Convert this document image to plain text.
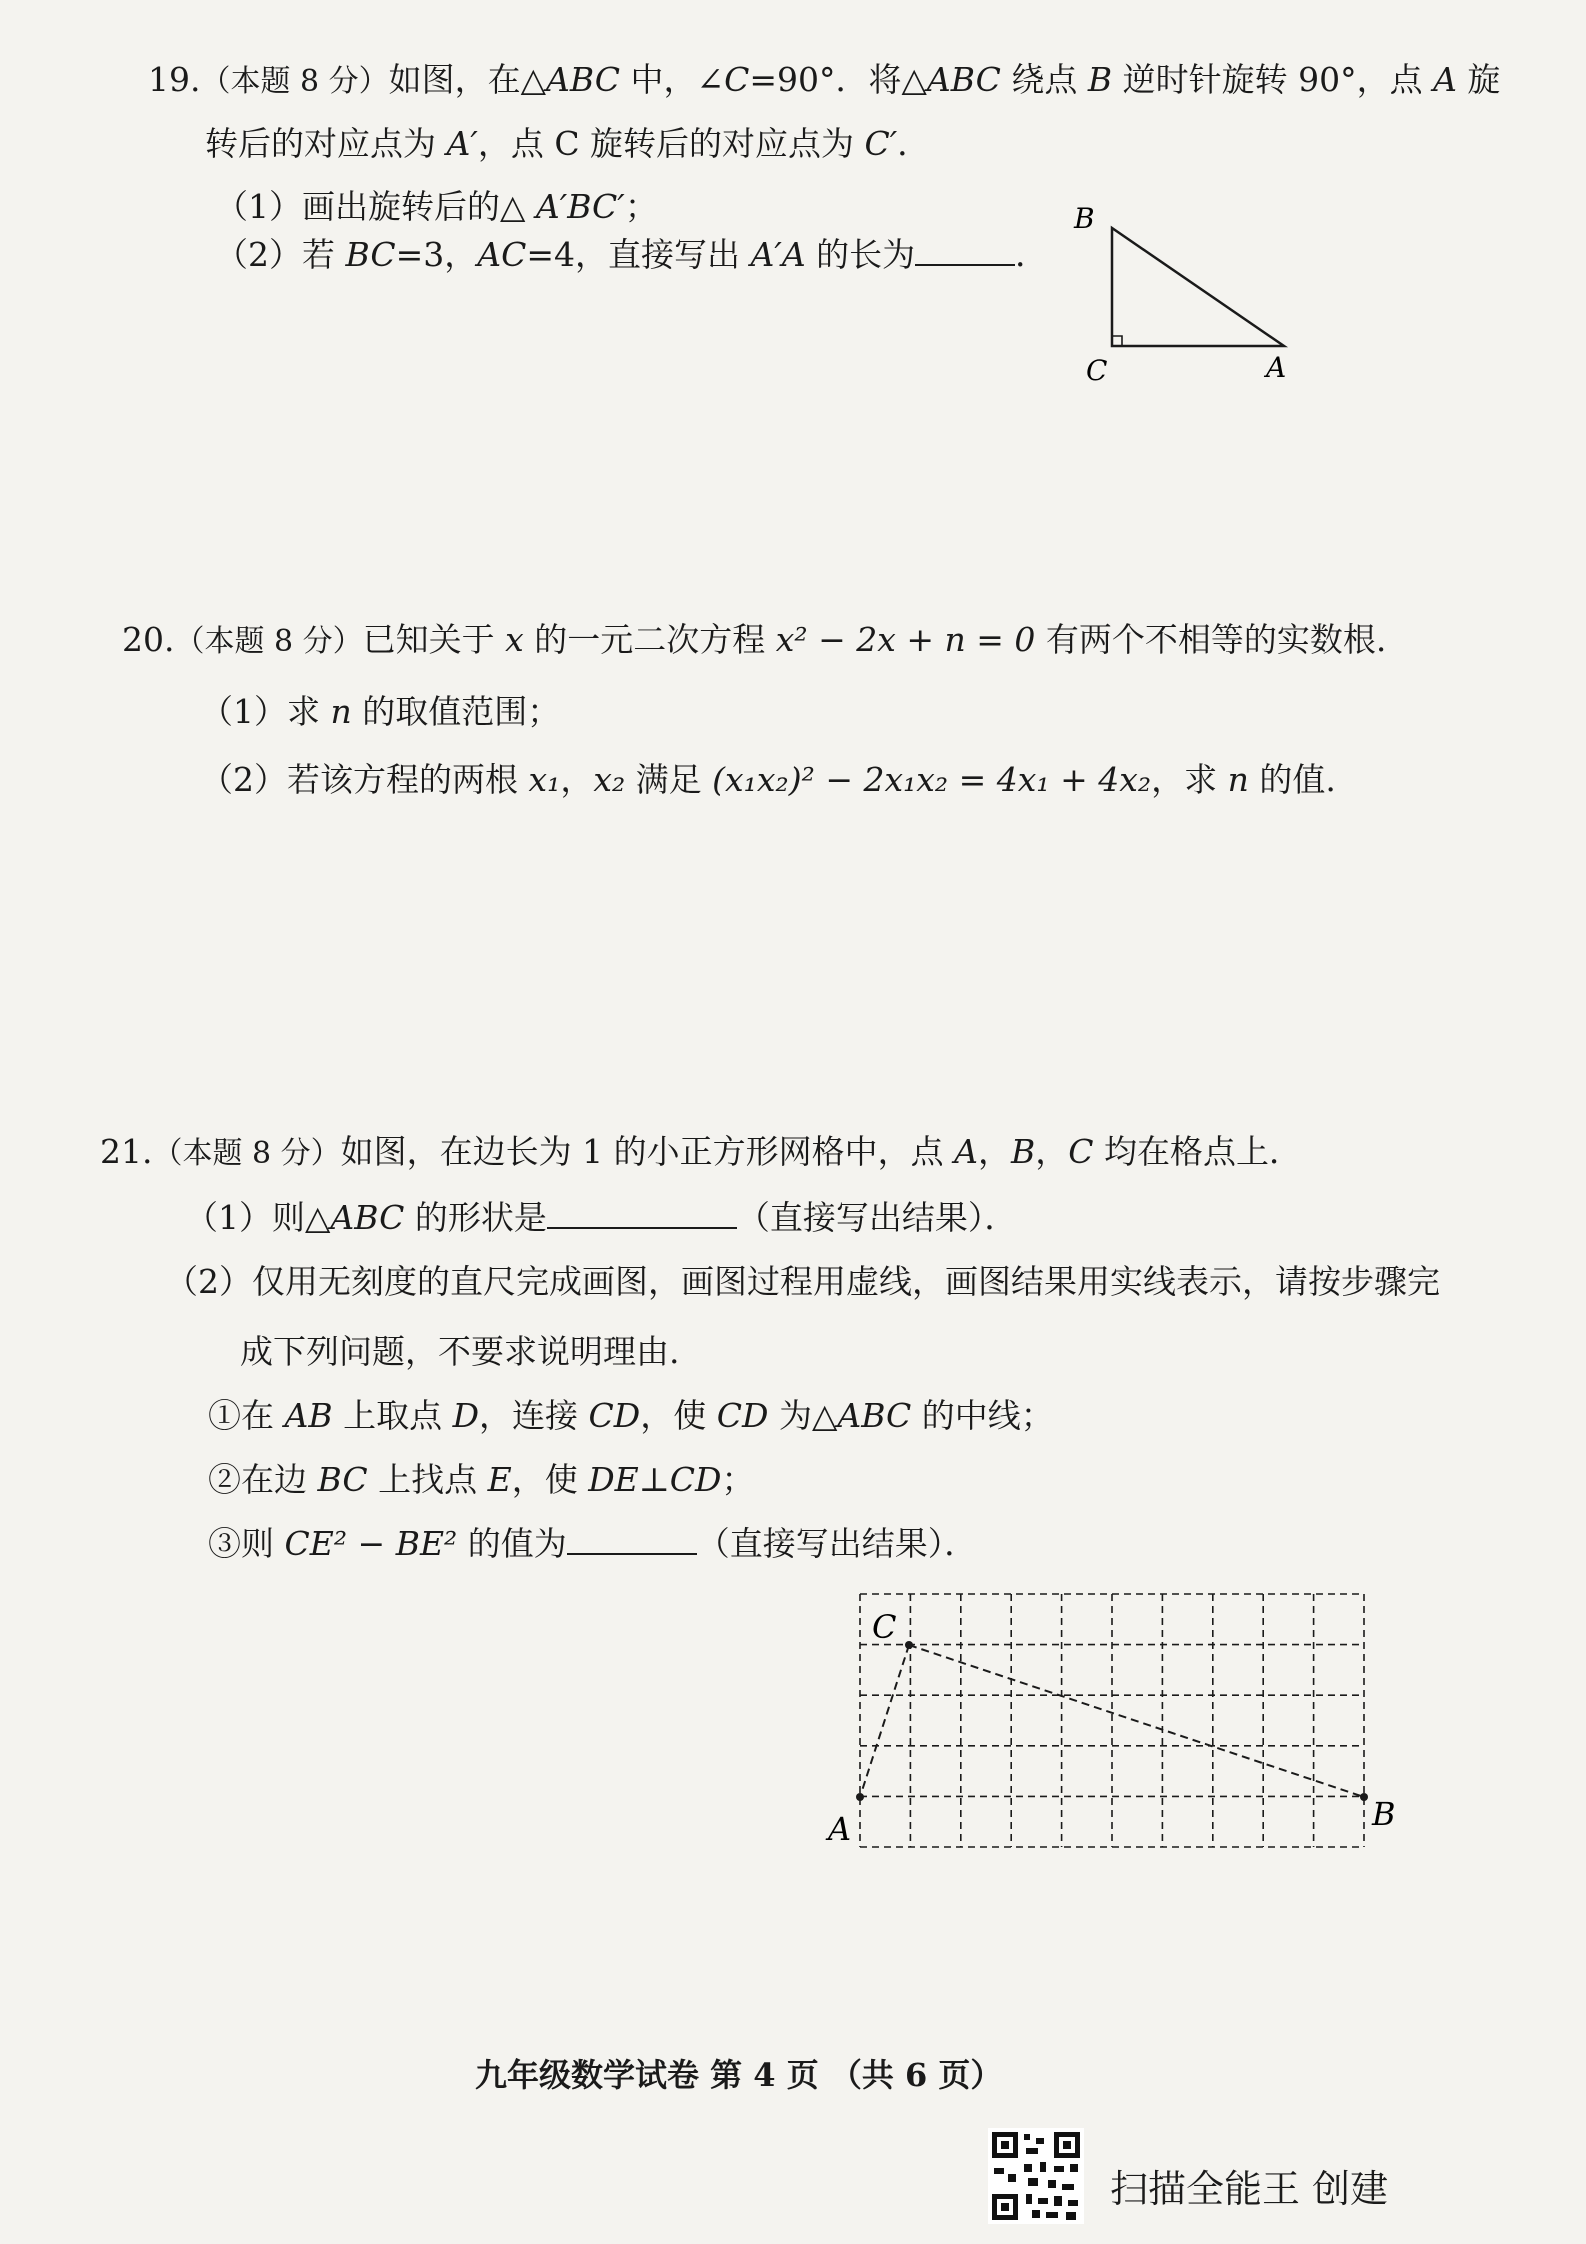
19.（本题 8 分）如图，在△ABC 中，∠C=90°．将△ABC 绕点 B 逆时针旋转 90°，点 A 旋
转后的对应点为 A′，点 C 旋转后的对应点为 C′．
（1）画出旋转后的△ A′BC′；
（2）若 BC=3，AC=4，直接写出 A′A 的长为	．
B
C	A
20.（本题 8 分）已知关于 x 的一元二次方程 x² − 2x + n = 0 有两个不相等的实数根.
（1）求 n 的取值范围；
（2）若该方程的两根 x₁，x₂ 满足 (x₁x₂)² − 2x₁x₂ = 4x₁ + 4x₂，求 n 的值.
21.（本题 8 分）如图，在边长为 1 的小正方形网格中，点 A，B，C 均在格点上．
（1）则△ABC 的形状是	（直接写出结果）．
（2）仅用无刻度的直尺完成画图，画图过程用虚线，画图结果用实线表示，请按步骤完
成下列问题，不要求说明理由.
①在 AB 上取点 D，连接 CD，使 CD 为△ABC 的中线；
②在边 BC 上找点 E，使 DE⊥CD；
③则 CE² − BE² 的值为	（直接写出结果）．
C
A	B
九年级数学试卷 第 4 页 （共 6 页）
扫描全能王 创建
